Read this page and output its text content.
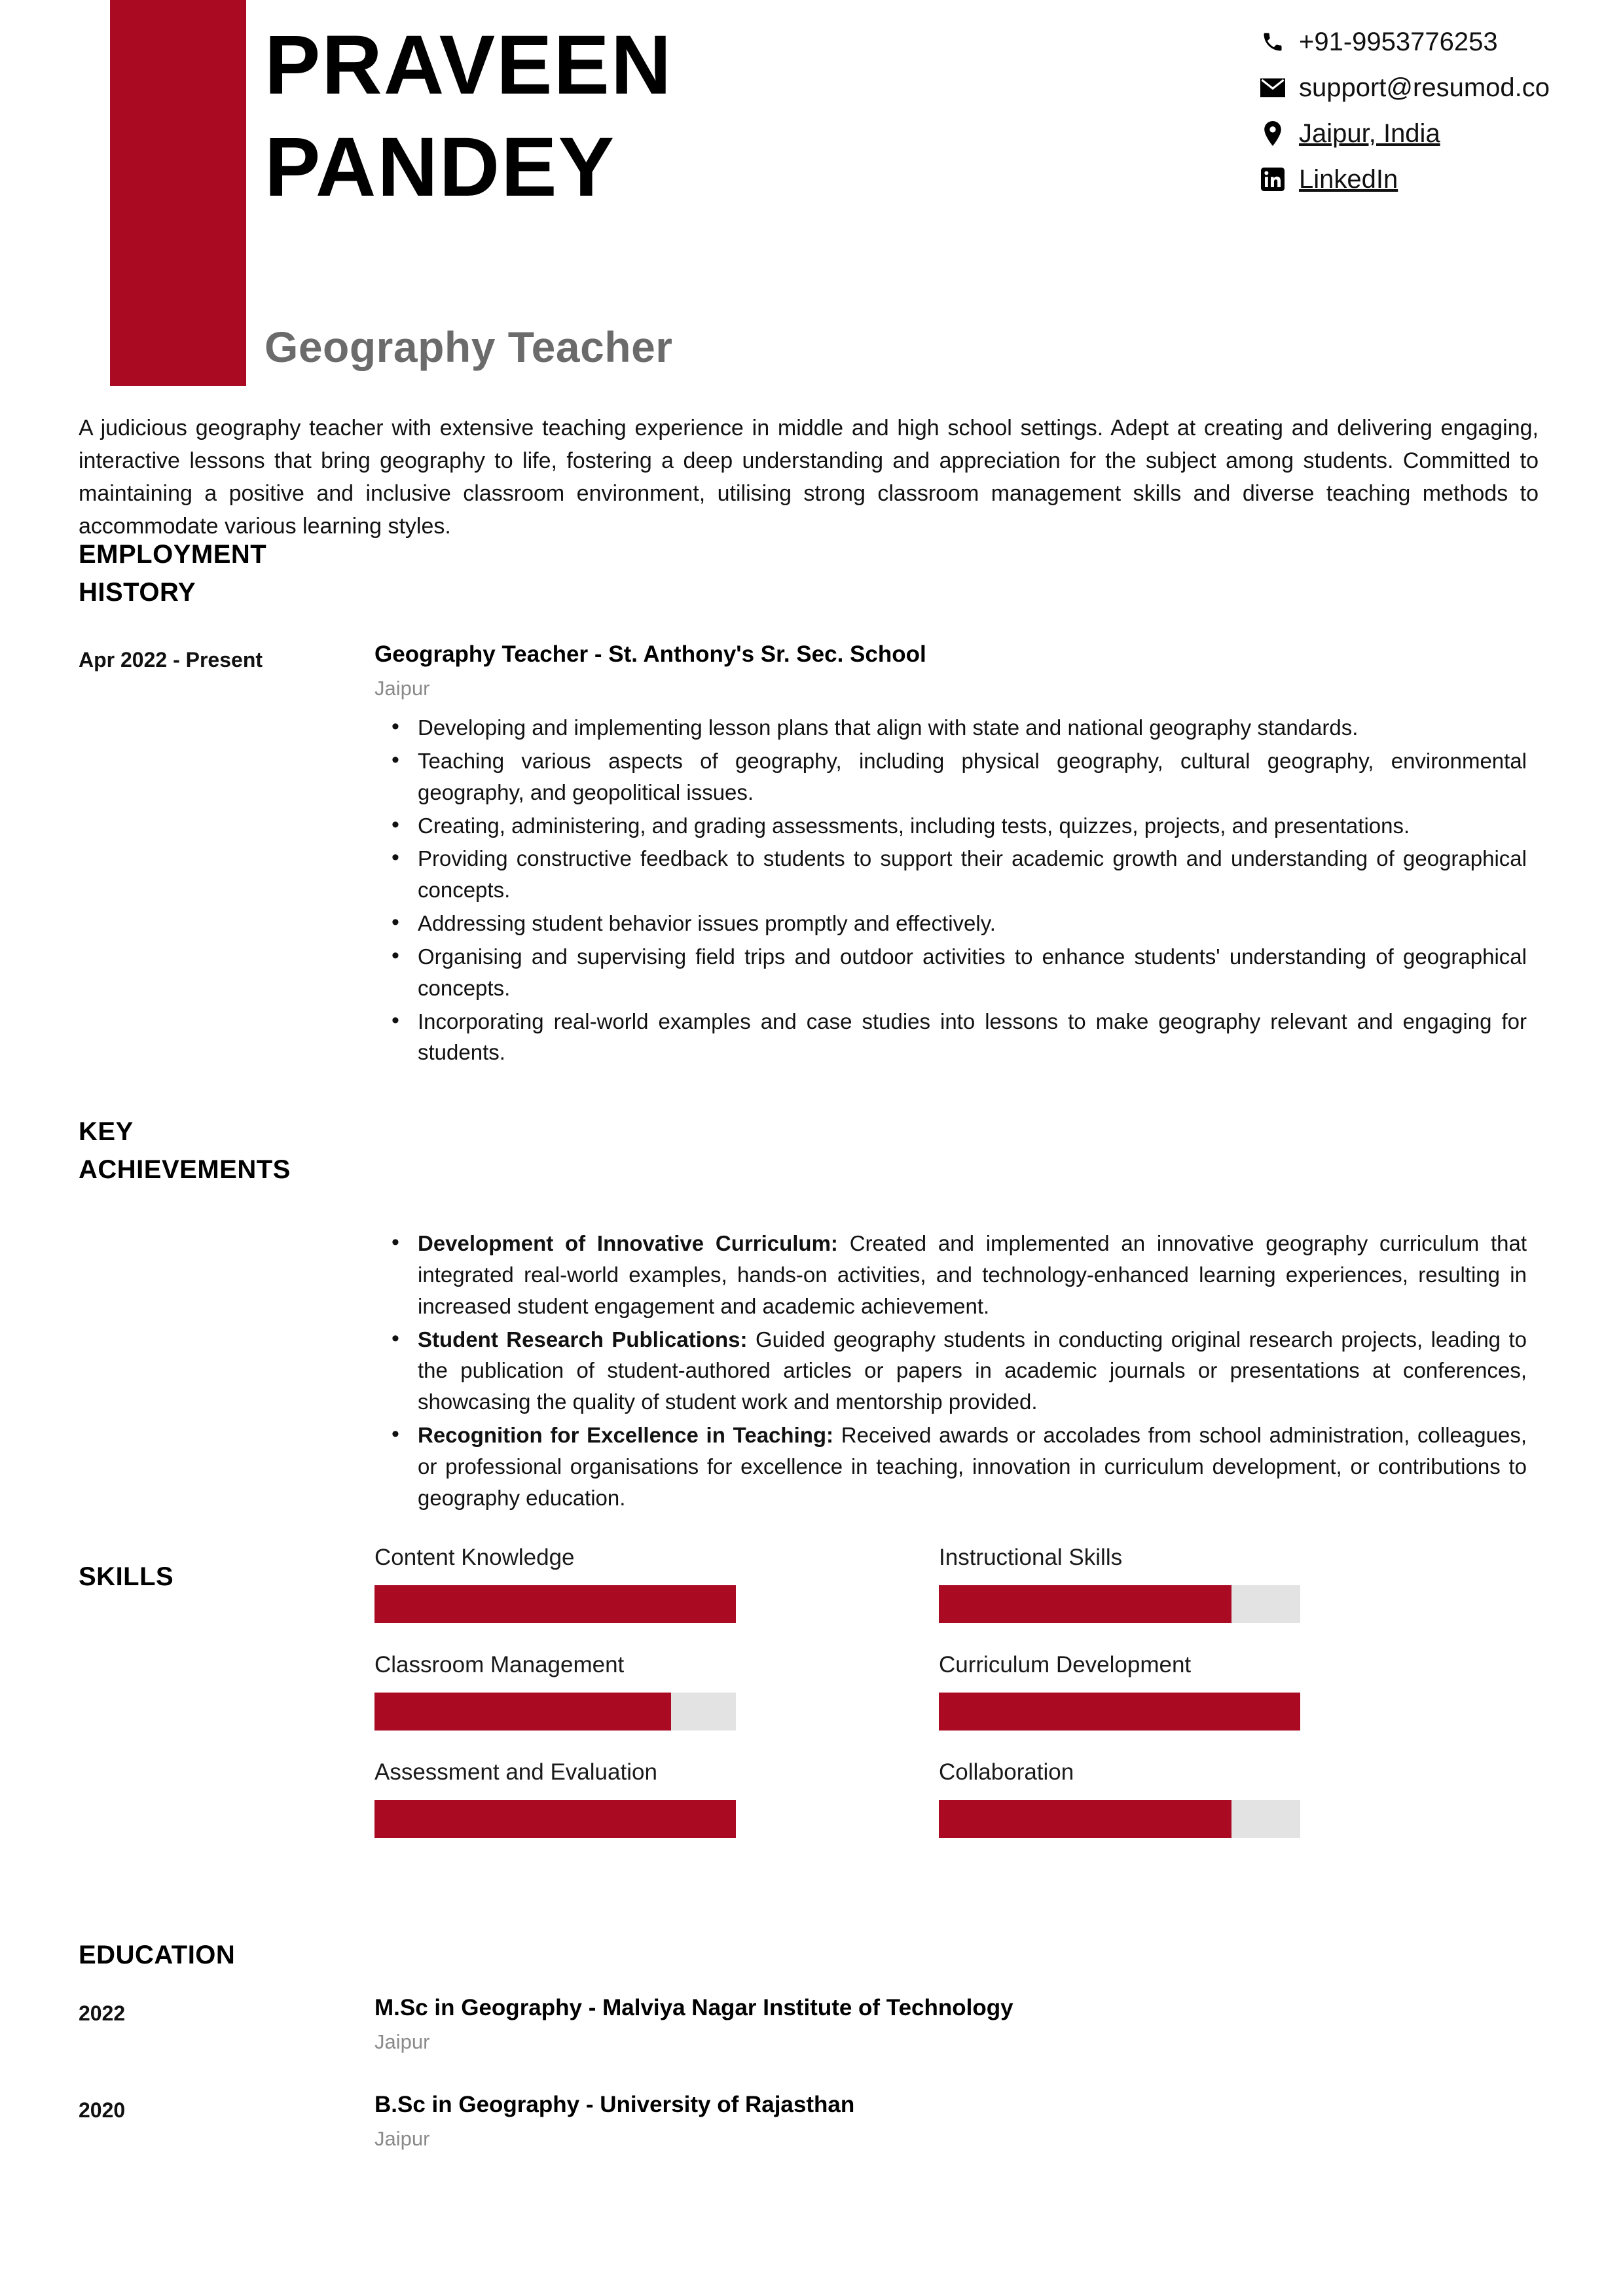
PRAVEEN
PANDEY
Geography Teacher
+91-9953776253
support@resumod.co
Jaipur, India
LinkedIn
A judicious geography teacher with extensive teaching experience in middle and high school settings. Adept at creating and delivering engaging, interactive lessons that bring geography to life, fostering a deep understanding and appreciation for the subject among students. Committed to maintaining a positive and inclusive classroom environment, utilising strong classroom management skills and diverse teaching methods to accommodate various learning styles.
EMPLOYMENT
HISTORY
Apr 2022 - Present	Geography Teacher - St. Anthony's Sr. Sec. School
Jaipur
• Developing and implementing lesson plans that align with state and national geography standards.
• Teaching various aspects of geography, including physical geography, cultural geography, environmental geography, and geopolitical issues.
• Creating, administering, and grading assessments, including tests, quizzes, projects, and presentations.
• Providing constructive feedback to students to support their academic growth and understanding of geographical concepts.
• Addressing student behavior issues promptly and effectively.
• Organising and supervising field trips and outdoor activities to enhance students' understanding of geographical concepts.
• Incorporating real-world examples and case studies into lessons to make geography relevant and engaging for students.
KEY
ACHIEVEMENTS
• Development of Innovative Curriculum: Created and implemented an innovative geography curriculum that integrated real-world examples, hands-on activities, and technology-enhanced learning experiences, resulting in increased student engagement and academic achievement.
• Student Research Publications: Guided geography students in conducting original research projects, leading to the publication of student-authored articles or papers in academic journals or presentations at conferences, showcasing the quality of student work and mentorship provided.
• Recognition for Excellence in Teaching: Received awards or accolades from school administration, colleagues, or professional organisations for excellence in teaching, innovation in curriculum development, or contributions to geography education.
SKILLS
Content Knowledge	Instructional Skills
Classroom Management	Curriculum Development
Assessment and Evaluation	Collaboration
EDUCATION
2022	M.Sc in Geography - Malviya Nagar Institute of Technology
Jaipur
2020	B.Sc in Geography - University of Rajasthan
Jaipur
